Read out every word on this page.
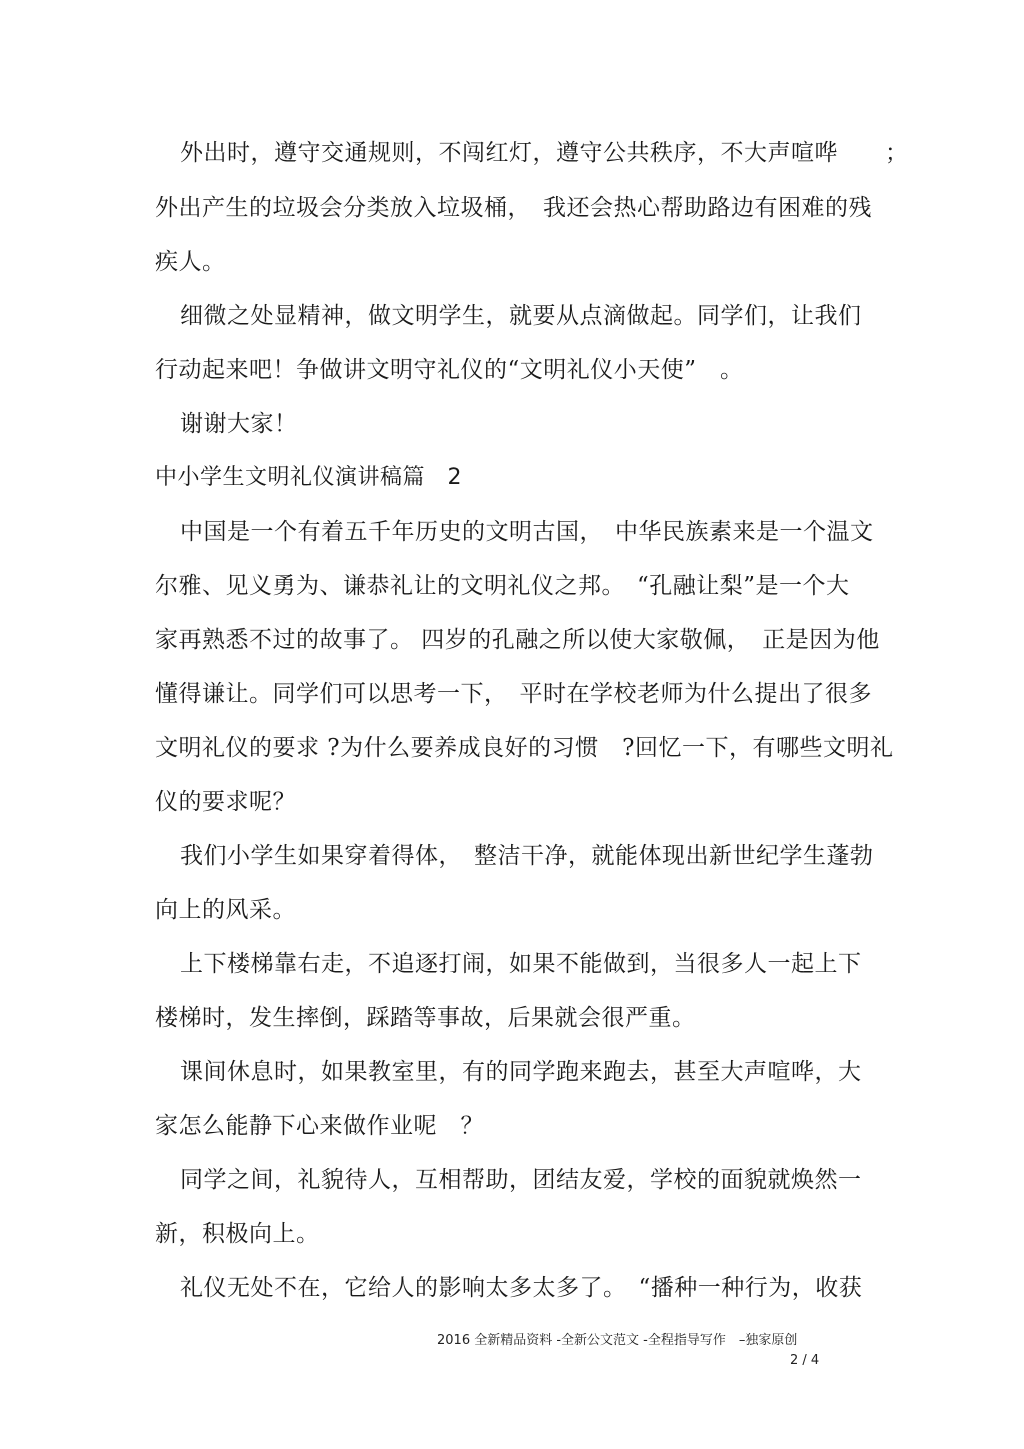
外出时，遵守交通规则，不闯红灯，遵守公共秩序，不大声喧哗　　；
外出产生的垃圾会分类放入垃圾桶，　我还会热心帮助路边有困难的残
疾人。
细微之处显精神，做文明学生，就要从点滴做起。同学们，让我们
行动起来吧！争做讲文明守礼仪的“文明礼仪小天使”　。
谢谢大家！
中小学生文明礼仪演讲稿篇　2
中国是一个有着五千年历史的文明古国，　中华民族素来是一个温文
尔雅、见义勇为、谦恭礼让的文明礼仪之邦。　“孔融让梨”是一个大
家再熟悉不过的故事了。 四岁的孔融之所以使大家敬佩，　正是因为他
懂得谦让。同学们可以思考一下，　平时在学校老师为什么提出了很多
文明礼仪的要求 ?为什么要养成良好的习惯　?回忆一下，有哪些文明礼
仪的要求呢？
我们小学生如果穿着得体，　整洁干净，就能体现出新世纪学生蓬勃
向上的风采。
上下楼梯靠右走，不追逐打闹，如果不能做到，当很多人一起上下
楼梯时，发生摔倒，踩踏等事故，后果就会很严重。
课间休息时，如果教室里，有的同学跑来跑去，甚至大声喧哗，大
家怎么能静下心来做作业呢　？
同学之间，礼貌待人，互相帮助，团结友爱，学校的面貌就焕然一
新，积极向上。
礼仪无处不在，它给人的影响太多太多了。　“播种一种行为，收获
2016 全新精品资料 -全新公文范文 -全程指导写作　–独家原创
2 / 4
